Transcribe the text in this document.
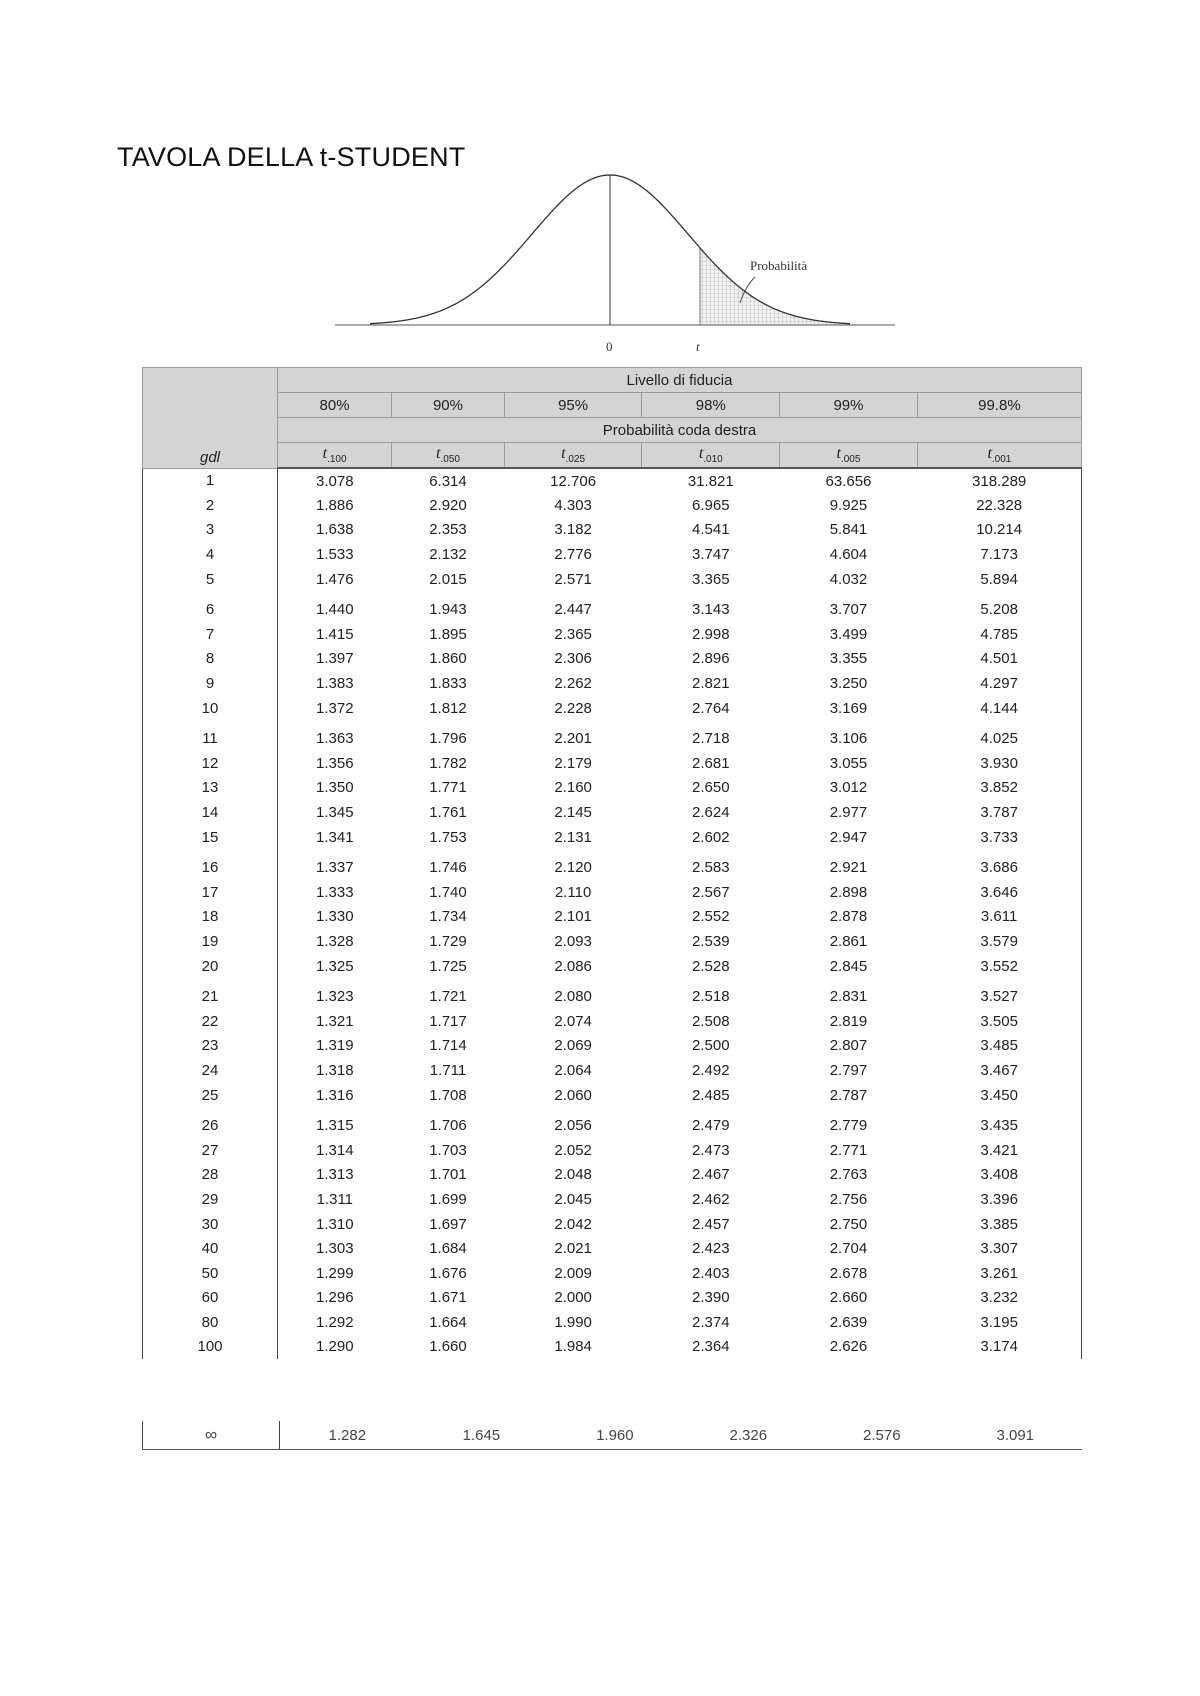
TAVOLA DELLA t-STUDENT
Probabilità
0	t
gdl	Livello di fiducia					
	80%	90%	95%	98%	99%	99.8%
	Probabilità coda destra					
	$t_{.100}$	$t_{.050}$	$t_{.025}$	$t_{.010}$	$t_{.005}$	$t_{.001}$
1	3.078	6.314	12.706	31.821	63.656	318.289
2	1.886	2.920	4.303	6.965	9.925	22.328
3	1.638	2.353	3.182	4.541	5.841	10.214
4	1.533	2.132	2.776	3.747	4.604	7.173
5	1.476	2.015	2.571	3.365	4.032	5.894
6	1.440	1.943	2.447	3.143	3.707	5.208
7	1.415	1.895	2.365	2.998	3.499	4.785
8	1.397	1.860	2.306	2.896	3.355	4.501
9	1.383	1.833	2.262	2.821	3.250	4.297
10	1.372	1.812	2.228	2.764	3.169	4.144
11	1.363	1.796	2.201	2.718	3.106	4.025
12	1.356	1.782	2.179	2.681	3.055	3.930
13	1.350	1.771	2.160	2.650	3.012	3.852
14	1.345	1.761	2.145	2.624	2.977	3.787
15	1.341	1.753	2.131	2.602	2.947	3.733
16	1.337	1.746	2.120	2.583	2.921	3.686
17	1.333	1.740	2.110	2.567	2.898	3.646
18	1.330	1.734	2.101	2.552	2.878	3.611
19	1.328	1.729	2.093	2.539	2.861	3.579
20	1.325	1.725	2.086	2.528	2.845	3.552
21	1.323	1.721	2.080	2.518	2.831	3.527
22	1.321	1.717	2.074	2.508	2.819	3.505
23	1.319	1.714	2.069	2.500	2.807	3.485
24	1.318	1.711	2.064	2.492	2.797	3.467
25	1.316	1.708	2.060	2.485	2.787	3.450
26	1.315	1.706	2.056	2.479	2.779	3.435
27	1.314	1.703	2.052	2.473	2.771	3.421
28	1.313	1.701	2.048	2.467	2.763	3.408
29	1.311	1.699	2.045	2.462	2.756	3.396
30	1.310	1.697	2.042	2.457	2.750	3.385
40	1.303	1.684	2.021	2.423	2.704	3.307
50	1.299	1.676	2.009	2.403	2.678	3.261
60	1.296	1.671	2.000	2.390	2.660	3.232
80	1.292	1.664	1.990	2.374	2.639	3.195
100	1.290	1.660	1.984	2.364	2.626	3.174
∞	1.282	1.645	1.960	2.326	2.576	3.091
